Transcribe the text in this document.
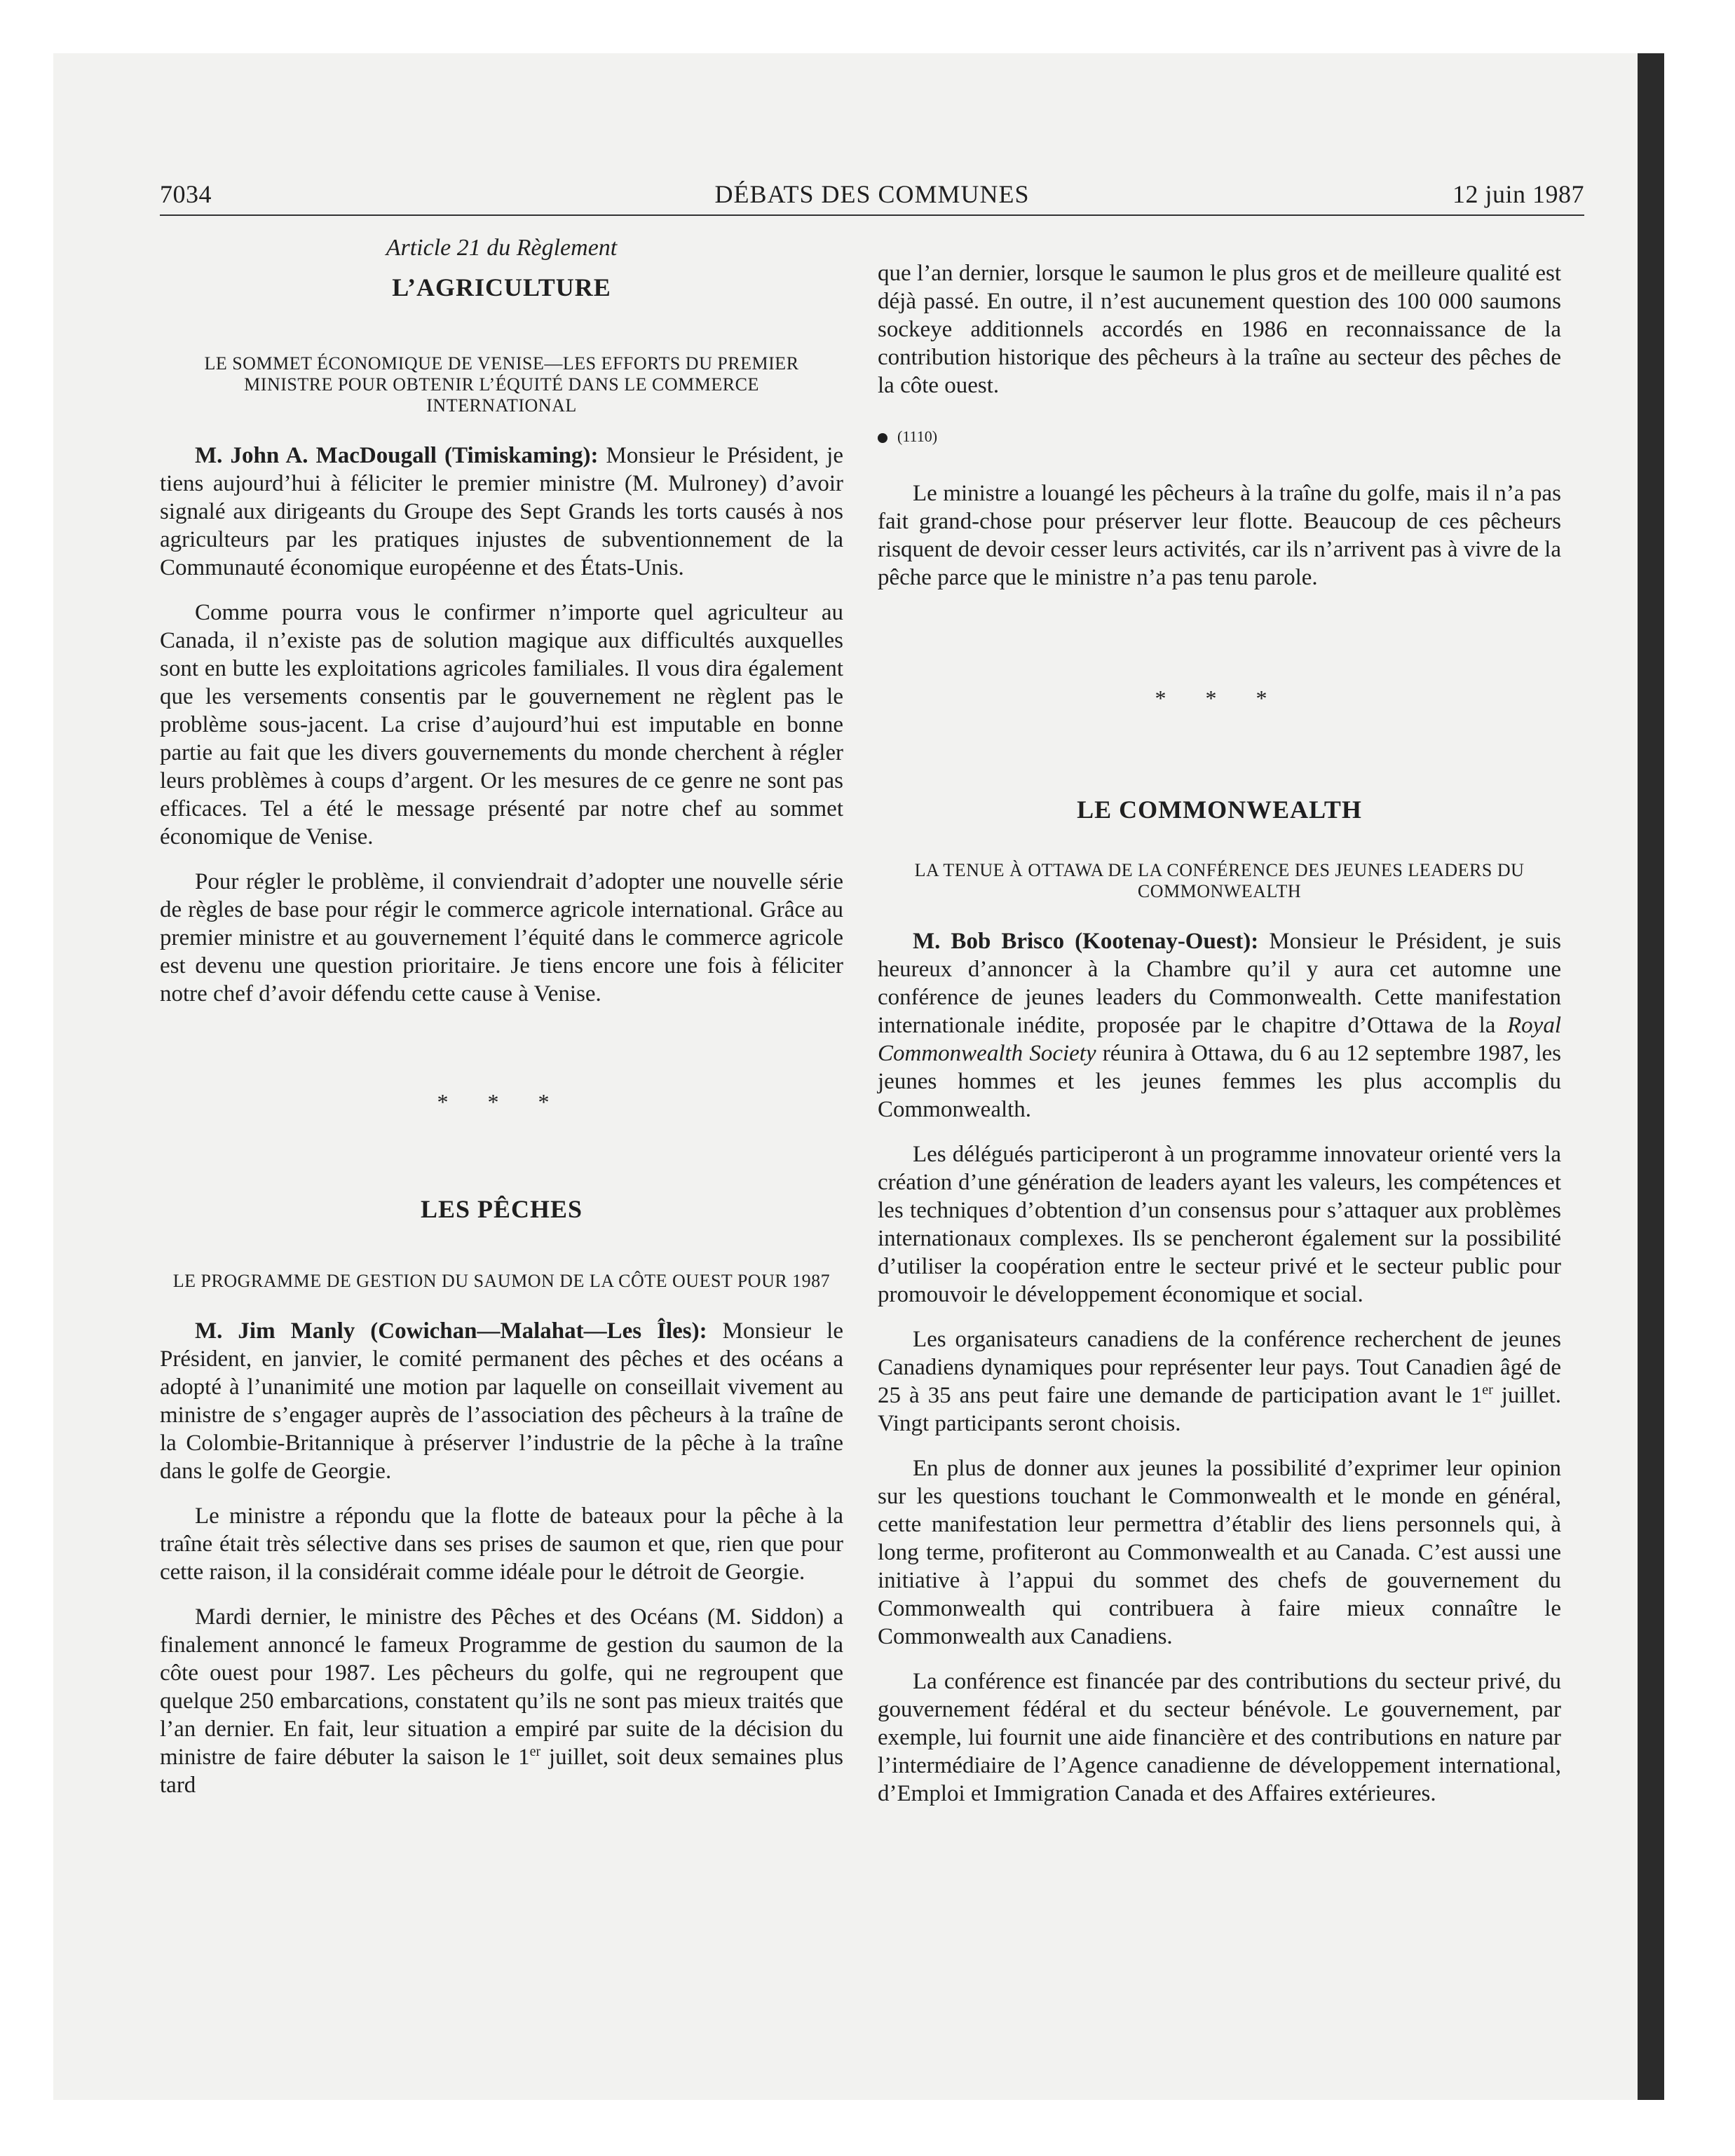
7034	DÉBATS DES COMMUNES	12 juin 1987
Article 21 du Règlement
L’AGRICULTURE
LE SOMMET ÉCONOMIQUE DE VENISE—LES EFFORTS DU PREMIER MINISTRE POUR OBTENIR L’ÉQUITÉ DANS LE COMMERCE INTERNATIONAL

M. John A. MacDougall (Timiskaming): Monsieur le Président, je tiens aujourd’hui à féliciter le premier ministre (M. Mulroney) d’avoir signalé aux dirigeants du Groupe des Sept Grands les torts causés à nos agriculteurs par les pratiques injustes de subventionnement de la Communauté économique européenne et des États-Unis.

Comme pourra vous le confirmer n’importe quel agriculteur au Canada, il n’existe pas de solution magique aux difficultés auxquelles sont en butte les exploitations agricoles familiales. Il vous dira également que les versements consentis par le gouvernement ne règlent pas le problème sous-jacent. La crise d’aujourd’hui est imputable en bonne partie au fait que les divers gouvernements du monde cherchent à régler leurs problèmes à coups d’argent. Or les mesures de ce genre ne sont pas efficaces. Tel a été le message présenté par notre chef au sommet économique de Venise.

Pour régler le problème, il conviendrait d’adopter une nouvelle série de règles de base pour régir le commerce agricole international. Grâce au premier ministre et au gouvernement l’équité dans le commerce agricole est devenu une question prioritaire. Je tiens encore une fois à féliciter notre chef d’avoir défendu cette cause à Venise.

* * *

LES PÊCHES
LE PROGRAMME DE GESTION DU SAUMON DE LA CÔTE OUEST POUR 1987

M. Jim Manly (Cowichan—Malahat—Les Îles): Monsieur le Président, en janvier, le comité permanent des pêches et des océans a adopté à l’unanimité une motion par laquelle on conseillait vivement au ministre de s’engager auprès de l’association des pêcheurs à la traîne de la Colombie-Britannique à préserver l’industrie de la pêche à la traîne dans le golfe de Georgie.

Le ministre a répondu que la flotte de bateaux pour la pêche à la traîne était très sélective dans ses prises de saumon et que, rien que pour cette raison, il la considérait comme idéale pour le détroit de Georgie.

Mardi dernier, le ministre des Pêches et des Océans (M. Siddon) a finalement annoncé le fameux Programme de gestion du saumon de la côte ouest pour 1987. Les pêcheurs du golfe, qui ne regroupent que quelque 250 embarcations, constatent qu’ils ne sont pas mieux traités que l’an dernier. En fait, leur situation a empiré par suite de la décision du ministre de faire débuter la saison le 1er juillet, soit deux semaines plus tard

que l’an dernier, lorsque le saumon le plus gros et de meilleure qualité est déjà passé. En outre, il n’est aucunement question des 100 000 saumons sockeye additionnels accordés en 1986 en reconnaissance de la contribution historique des pêcheurs à la traîne au secteur des pêches de la côte ouest.

(1110)

Le ministre a louangé les pêcheurs à la traîne du golfe, mais il n’a pas fait grand-chose pour préserver leur flotte. Beaucoup de ces pêcheurs risquent de devoir cesser leurs activités, car ils n’arrivent pas à vivre de la pêche parce que le ministre n’a pas tenu parole.

* * *

LE COMMONWEALTH
LA TENUE À OTTAWA DE LA CONFÉRENCE DES JEUNES LEADERS DU COMMONWEALTH

M. Bob Brisco (Kootenay-Ouest): Monsieur le Président, je suis heureux d’annoncer à la Chambre qu’il y aura cet automne une conférence de jeunes leaders du Commonwealth. Cette manifestation internationale inédite, proposée par le chapitre d’Ottawa de la Royal Commonwealth Society réunira à Ottawa, du 6 au 12 septembre 1987, les jeunes hommes et les jeunes femmes les plus accomplis du Commonwealth.

Les délégués participeront à un programme innovateur orienté vers la création d’une génération de leaders ayant les valeurs, les compétences et les techniques d’obtention d’un consensus pour s’attaquer aux problèmes internationaux complexes. Ils se pencheront également sur la possibilité d’utiliser la coopération entre le secteur privé et le secteur public pour promouvoir le développement économique et social.

Les organisateurs canadiens de la conférence recherchent de jeunes Canadiens dynamiques pour représenter leur pays. Tout Canadien âgé de 25 à 35 ans peut faire une demande de participation avant le 1er juillet. Vingt participants seront choisis.

En plus de donner aux jeunes la possibilité d’exprimer leur opinion sur les questions touchant le Commonwealth et le monde en général, cette manifestation leur permettra d’établir des liens personnels qui, à long terme, profiteront au Commonwealth et au Canada. C’est aussi une initiative à l’appui du sommet des chefs de gouvernement du Commonwealth qui contribuera à faire mieux connaître le Commonwealth aux Canadiens.

La conférence est financée par des contributions du secteur privé, du gouvernement fédéral et du secteur bénévole. Le gouvernement, par exemple, lui fournit une aide financière et des contributions en nature par l’intermédiaire de l’Agence canadienne de développement international, d’Emploi et Immigration Canada et des Affaires extérieures.
